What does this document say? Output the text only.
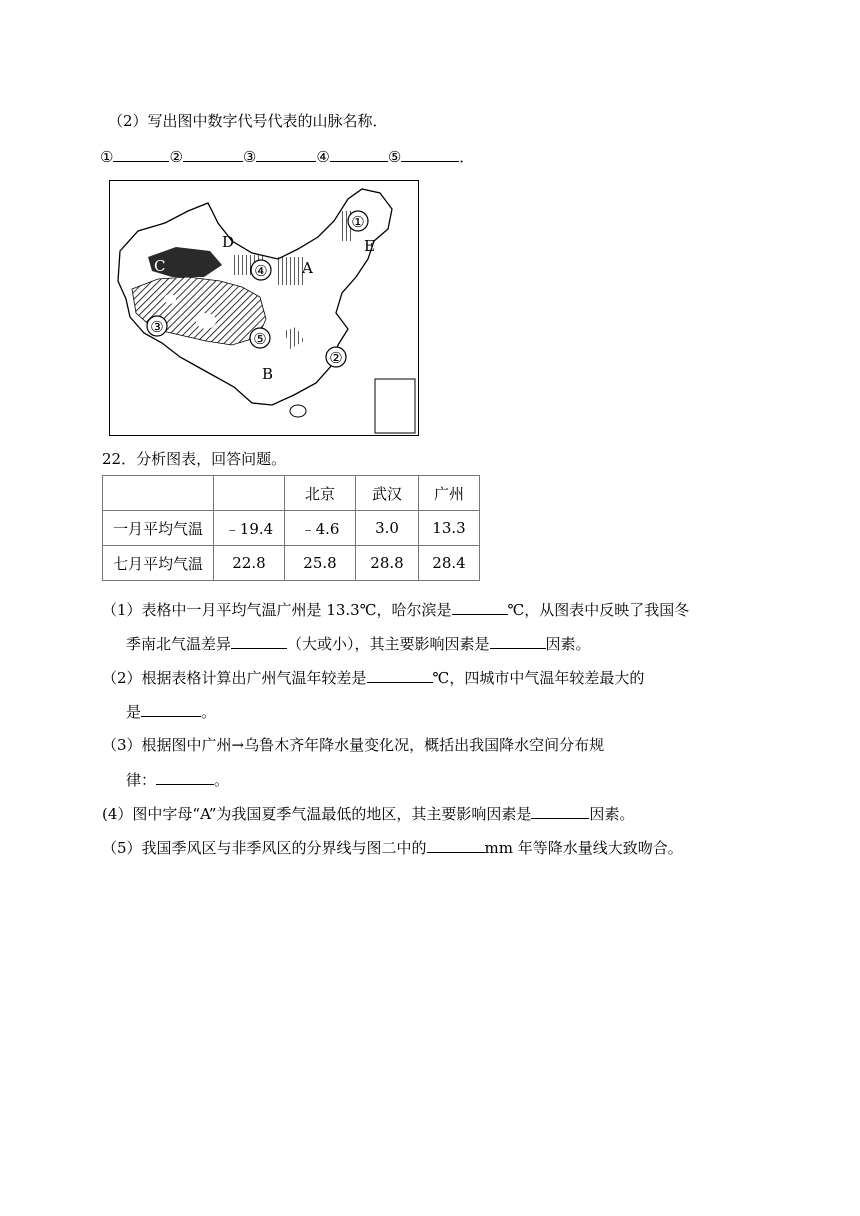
（2）写出图中数字代号代表的山脉名称．
①	②	③	④	⑤	．
①
④
③
⑤
②
A
B
C
D	E
22．分析图表，回答问题。
		北京	武汉	广州
一月平均气温	﹣19.4	﹣4.6	3.0	13.3
七月平均气温	22.8	25.8	28.8	28.4
（1）表格中一月平均气温广州是 13.3℃，哈尔滨是	℃，从图表中反映了我国冬
季南北气温差异	（大或小），其主要影响因素是	因素。
（2）根据表格计算出广州气温年较差是	℃，四城市中气温年较差最大的
是	。
（3）根据图中广州→乌鲁木齐年降水量变化况，概括出我国降水空间分布规
律：	。
(4）图中字母“A”为我国夏季气温最低的地区，其主要影响因素是	因素。
（5）我国季风区与非季风区的分界线与图二中的	mm 年等降水量线大致吻合。
